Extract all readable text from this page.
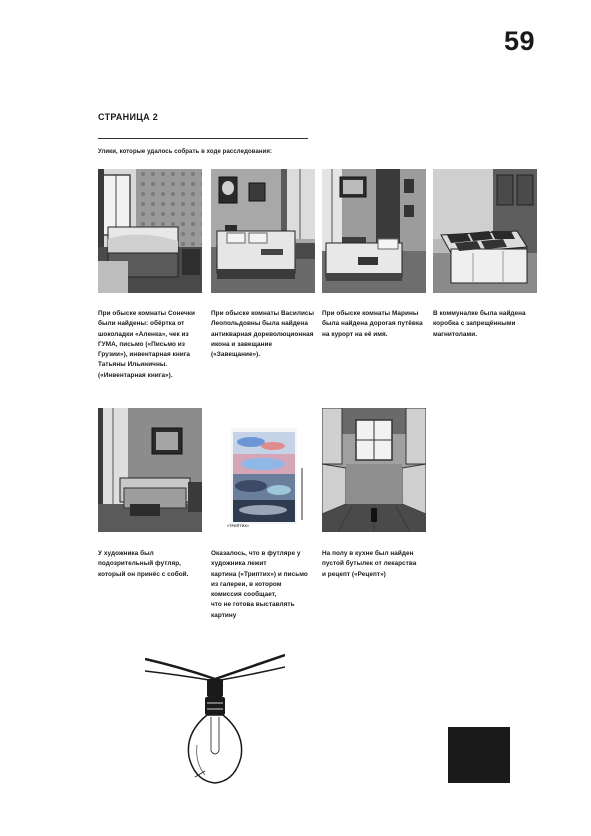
59
СТРАНИЦА 2
Улики, которые удалось собрать в ходе расследования:
При обыске комнаты Сонечки
были найдены: обёртка от
шоколадки «Аленка», чек из
ГУМА, письмо («Письмо из
Грузии»), инвентарная книга
Татьяны Ильиничны.
(«Инвентарная книга»).
При обыске комнаты Василисы
Леопольдовны была найдена
антикварная дореволюционная
икона и завещание
(«Завещание»).
При обыске комнаты Марины
была найдена дорогая путёвка
на курорт на её имя.
В коммуналке была найдена
коробка с запрещёнными
магнитолами.
«ТРИПТИХ»
У художника был
подозрительный футляр,
который он принёс с собой.
Оказалось, что в футляре у
художника лежит
картина («Триптих») и письмо
из галереи, в котором
комиссия сообщает,
что не готова выставлять
картину
На полу в кухне был найден
пустой бутылек от лекарства
и рецепт («Рецепт»)
